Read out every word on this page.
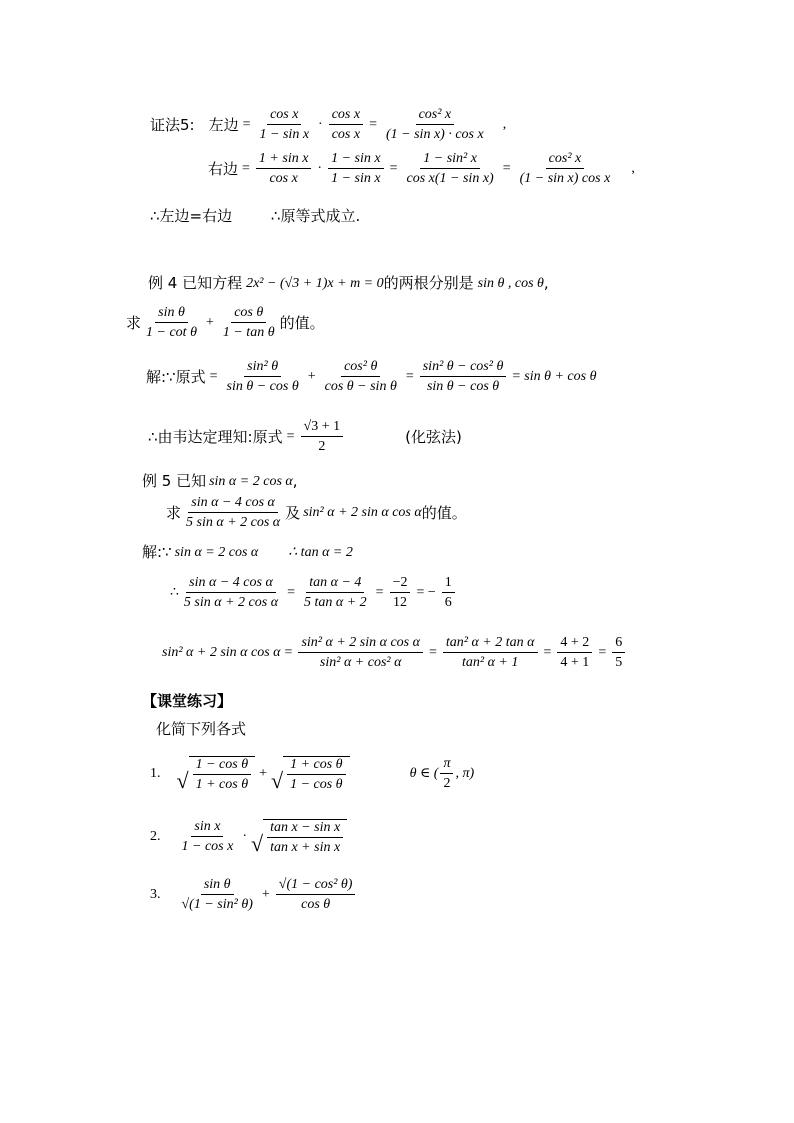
证法5: 左边 = $\frac{\text{cos x}}{\text{1 − sin x}} \cdot \frac{\text{cos x}}{\text{cos x}} = \frac{\text{cos² x}}{\text{(1 − sin x) · cos x}}$ ,
右边 = $\frac{\text{1 + sin x}}{\text{cos x}} \cdot \frac{\text{1 − sin x}}{\text{1 − sin x}} = \frac{\text{1 − sin² x}}{\text{cos x(1 − sin x)}} = \frac{\text{cos² x}}{\text{(1 − sin x) cos x}}$ ,
∴左边=右边	∴原等式成立.
例 4 已知方程 2x² − (√3 + 1)x + m = 0 的两根分别是 sin θ , cos θ ,
求 $\frac{\text{sin θ}}{\text{1 − cot θ}} + \frac{\text{cos θ}}{\text{1 − tan θ}}$ 的值。
解:∵原式 = $\frac{\text{sin² θ}}{\text{sin θ − cos θ}} + \frac{\text{cos² θ}}{\text{cos θ − sin θ}} = \frac{\text{sin² θ − cos² θ}}{\text{sin θ − cos θ}} = \sin \theta + \cos \theta$
∴由韦达定理知:原式 = $\frac{√3 + 1}{2}$	(化弦法)
例 5 已知 sin α = 2 cos α ,
求 $\frac{\text{sin α − 4 cos α}}{\text{5 sin α + 2 cos α}}$ 及 sin² α + 2 sin α cos α 的值。
解:∵ sin α = 2 cos α ∴ tan α = 2
∴ $\frac{\text{sin α − 4 cos α}}{\text{5 sin α + 2 cos α}} = \frac{\text{tan α − 4}}{\text{5 tan α + 2}} = \frac{-2}{12}$ = − $\frac{1}{6}$
sin² α + 2 sin α $\cos \alpha = \frac{\text{sin² α + 2 sin α cos α}}{\text{sin² α + cos² α}} = \frac{\text{tan² α + 2 tan α}}{\text{tan² α + 1}} = \frac{4 + 2}{4 + 1} = \frac{6}{5}$
【课堂练习】
化简下列各式
1. √ $\frac{\text{1 − cos θ}}{\text{1 + cos θ}}$ + √ $\frac{\text{1 + cos θ}}{\text{1 − cos θ}}$	θ ∈ ( $\frac{\pi}{2}$ , π)
2. $\frac{\text{sin x}}{\text{1 − cos x}}$ · √ $\frac{\text{tan x − sin x}}{\text{tan x + sin x}}$
3. $\frac{\text{sin θ}}{\text{√(1 − sin² θ)}} + \frac{\text{√(1 − cos² θ)}}{\text{cos θ}}$
